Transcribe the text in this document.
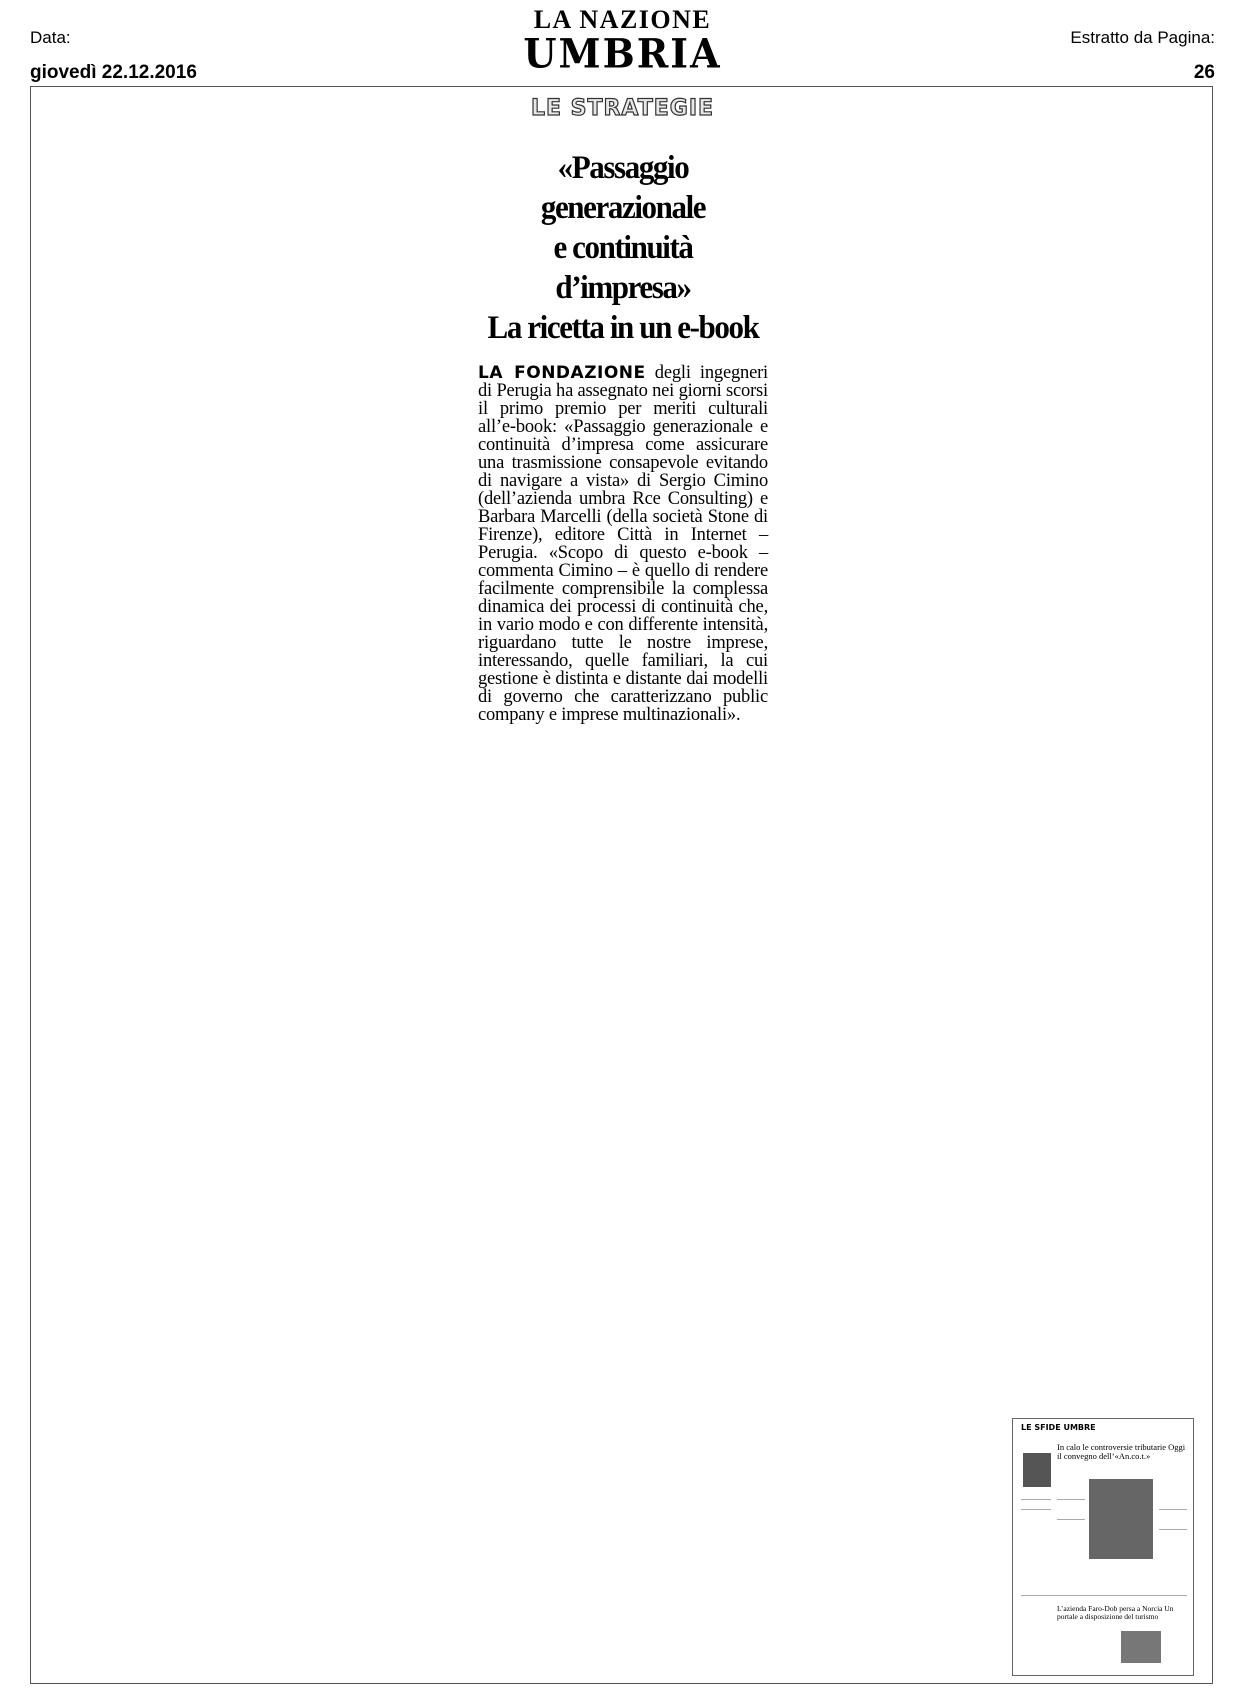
Data:
giovedì 22.12.2016
LA NAZIONE
UMBRIA	Estratto da Pagina:
26
LE STRATEGIE
«Passaggio generazionale
e continuità d’impresa»
La ricetta in un e-book
LA FONDAZIONE degli ingegneri di Perugia ha assegnato nei giorni scorsi il primo premio per meriti culturali all’e-book: «Passaggio generazionale e continuità d’impresa come assicurare una trasmissione consapevole evitando di navigare a vista» di Sergio Cimino (dell’azienda umbra Rce Consulting) e Barbara Marcelli (della società Stone di Firenze), editore Città in Internet – Perugia. «Scopo di questo e-book – commenta Cimino – è quello di rendere facilmente comprensibile la complessa dinamica dei processi di continuità che, in vario modo e con differente intensità, riguardano tutte le nostre imprese, interessando, quelle familiari, la cui gestione è distinta e distante dai modelli di governo che caratterizzano public company e imprese multinazionali».
LE SFIDE UMBRE
In calo le controversie tributarie Oggi il convegno dell’«An.co.t.»
L’azienda Faro-Dob persa a Norcia Un portale a disposizione del turismo
